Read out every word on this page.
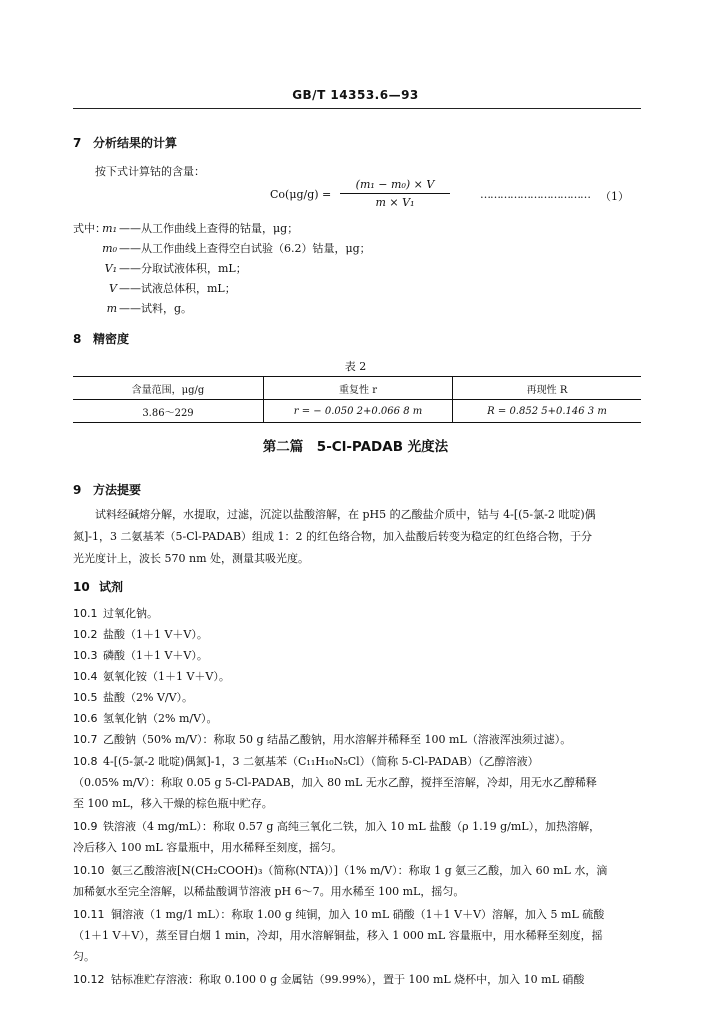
GB/T 14353.6—93
7 分析结果的计算
按下式计算钴的含量：
Co(μg/g) =
(m₁ − m₀) × V
m × V₁
…………………………… （1）
式中：
m₁ ——从工作曲线上查得的钴量，μg；
m₀ ——从工作曲线上查得空白试验（6.2）钴量，μg；
V₁ ——分取试液体积，mL；
V ——试液总体积，mL；
m ——试料，g。
8 精密度
表 2
含量范围，μg/g	重复性 r	再现性 R
3.86～229	r = − 0.050 2+0.066 8 m	R = 0.852 5+0.146 3 m
第二篇　5-Cl-PADAB 光度法
9 方法提要
试料经碱熔分解，水提取，过滤，沉淀以盐酸溶解，在 pH5 的乙酸盐介质中，钴与 4-[(5-氯-2 吡啶)偶
氮]-1，3 二氨基苯（5-Cl-PADAB）组成 1：2 的红色络合物，加入盐酸后转变为稳定的红色络合物，于分
光光度计上，波长 570 nm 处，测量其吸光度。
10 试剂
10.1 过氧化钠。
10.2 盐酸（1＋1 V＋V）。
10.3 磷酸（1＋1 V＋V）。
10.4 氨氧化铵（1＋1 V＋V）。
10.5 盐酸（2% V/V）。
10.6 氢氧化钠（2% m/V）。
10.7 乙酸钠（50% m/V）：称取 50 g 结晶乙酸钠，用水溶解并稀释至 100 mL（溶液浑浊须过滤）。
10.8 4-[(5-氯-2 吡啶)偶氮]-1，3 二氨基苯（C₁₁H₁₀N₅Cl）（简称 5-Cl-PADAB）（乙醇溶液）
（0.05% m/V）：称取 0.05 g 5-Cl-PADAB，加入 80 mL 无水乙醇，搅拌至溶解，冷却，用无水乙醇稀释
至 100 mL，移入干燥的棕色瓶中贮存。
10.9 铁溶液（4 mg/mL）：称取 0.57 g 高纯三氧化二铁，加入 10 mL 盐酸（ρ 1.19 g/mL），加热溶解，
冷后移入 100 mL 容量瓶中，用水稀释至刻度，摇匀。
10.10 氨三乙酸溶液[N(CH₂COOH)₃（简称(NTA)）]（1% m/V）：称取 1 g 氨三乙酸，加入 60 mL 水，滴
加稀氨水至完全溶解，以稀盐酸调节溶液 pH 6～7。用水稀至 100 mL，摇匀。
10.11 铜溶液（1 mg/1 mL）：称取 1.00 g 纯铜，加入 10 mL 硝酸（1＋1 V＋V）溶解，加入 5 mL 硫酸
（1＋1 V＋V），蒸至冒白烟 1 min，冷却，用水溶解铜盐，移入 1 000 mL 容量瓶中，用水稀释至刻度，摇
匀。
10.12 钴标准贮存溶液：称取 0.100 0 g 金属钴（99.99%），置于 100 mL 烧杯中，加入 10 mL 硝酸
